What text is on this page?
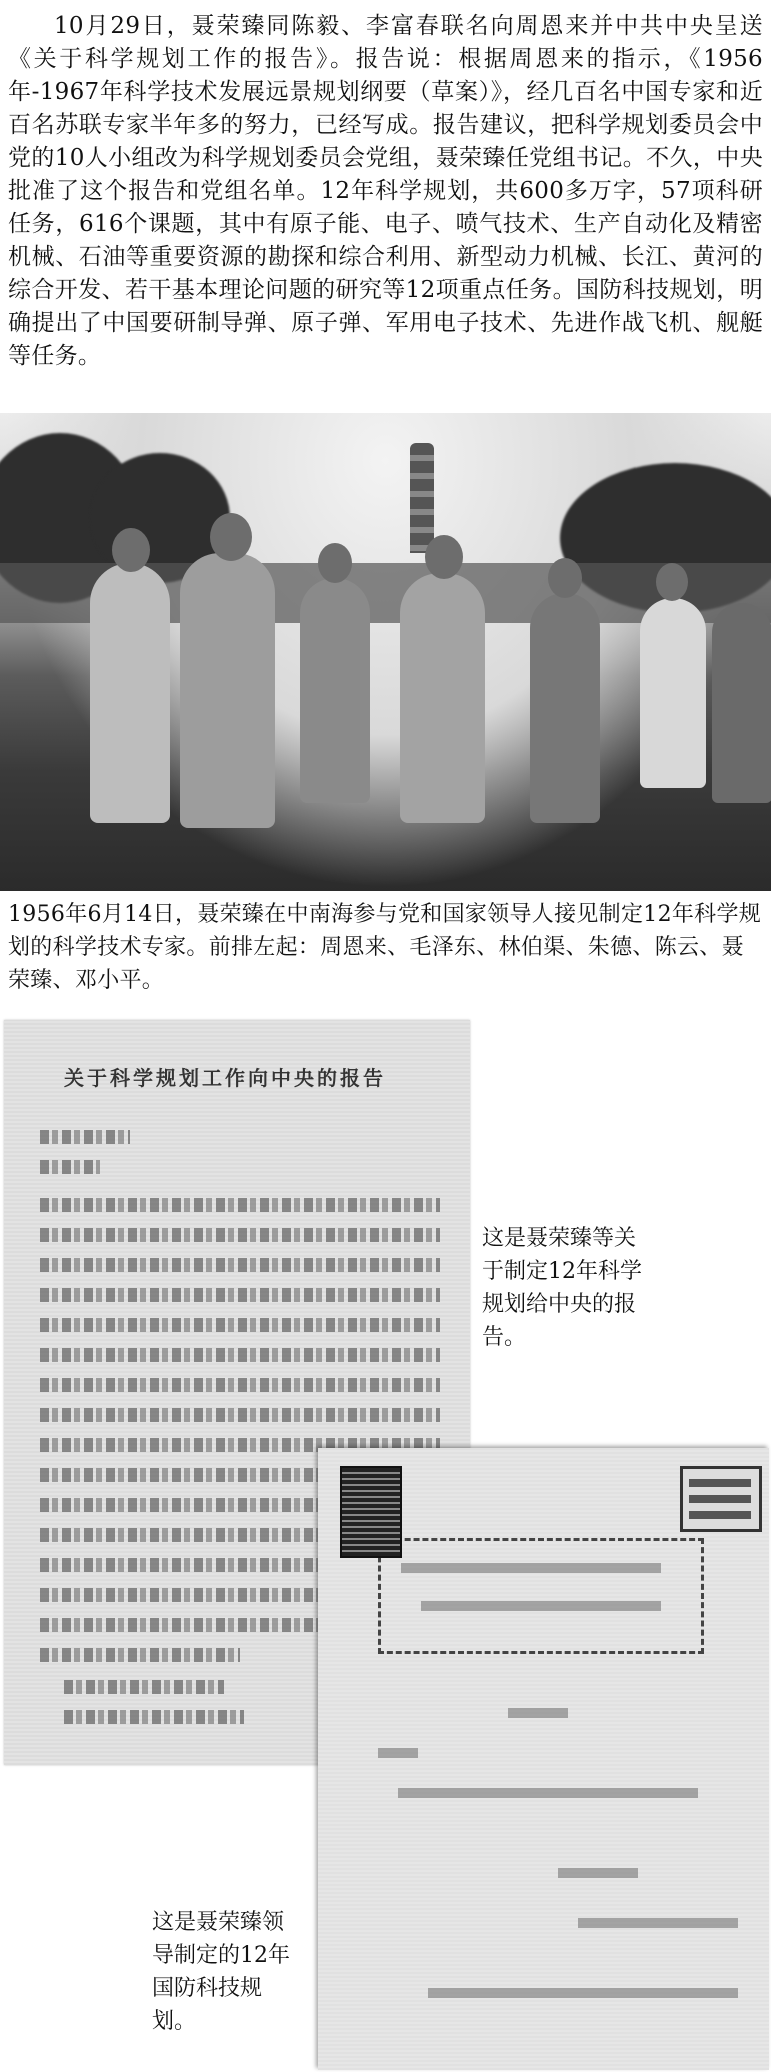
10月29日，聂荣臻同陈毅、李富春联名向周恩来并中共中央呈送《关于科学规划工作的报告》。报告说：根据周恩来的指示，《1956年-1967年科学技术发展远景规划纲要（草案）》，经几百名中国专家和近百名苏联专家半年多的努力，已经写成。报告建议，把科学规划委员会中党的10人小组改为科学规划委员会党组，聂荣臻任党组书记。不久，中央批准了这个报告和党组名单。12年科学规划，共600多万字，57项科研任务，616个课题，其中有原子能、电子、喷气技术、生产自动化及精密机械、石油等重要资源的勘探和综合利用、新型动力机械、长江、黄河的综合开发、若干基本理论问题的研究等12项重点任务。国防科技规划，明确提出了中国要研制导弹、原子弹、军用电子技术、先进作战飞机、舰艇等任务。
1956年6月14日，聂荣臻在中南海参与党和国家领导人接见制定12年科学规划的科学技术专家。前排左起：周恩来、毛泽东、林伯渠、朱德、陈云、聂荣臻、邓小平。
关于科学规划工作向中央的报告
这是聂荣臻等关于制定12年科学规划给中央的报告。
这是聂荣臻领导制定的12年国防科技规划。
